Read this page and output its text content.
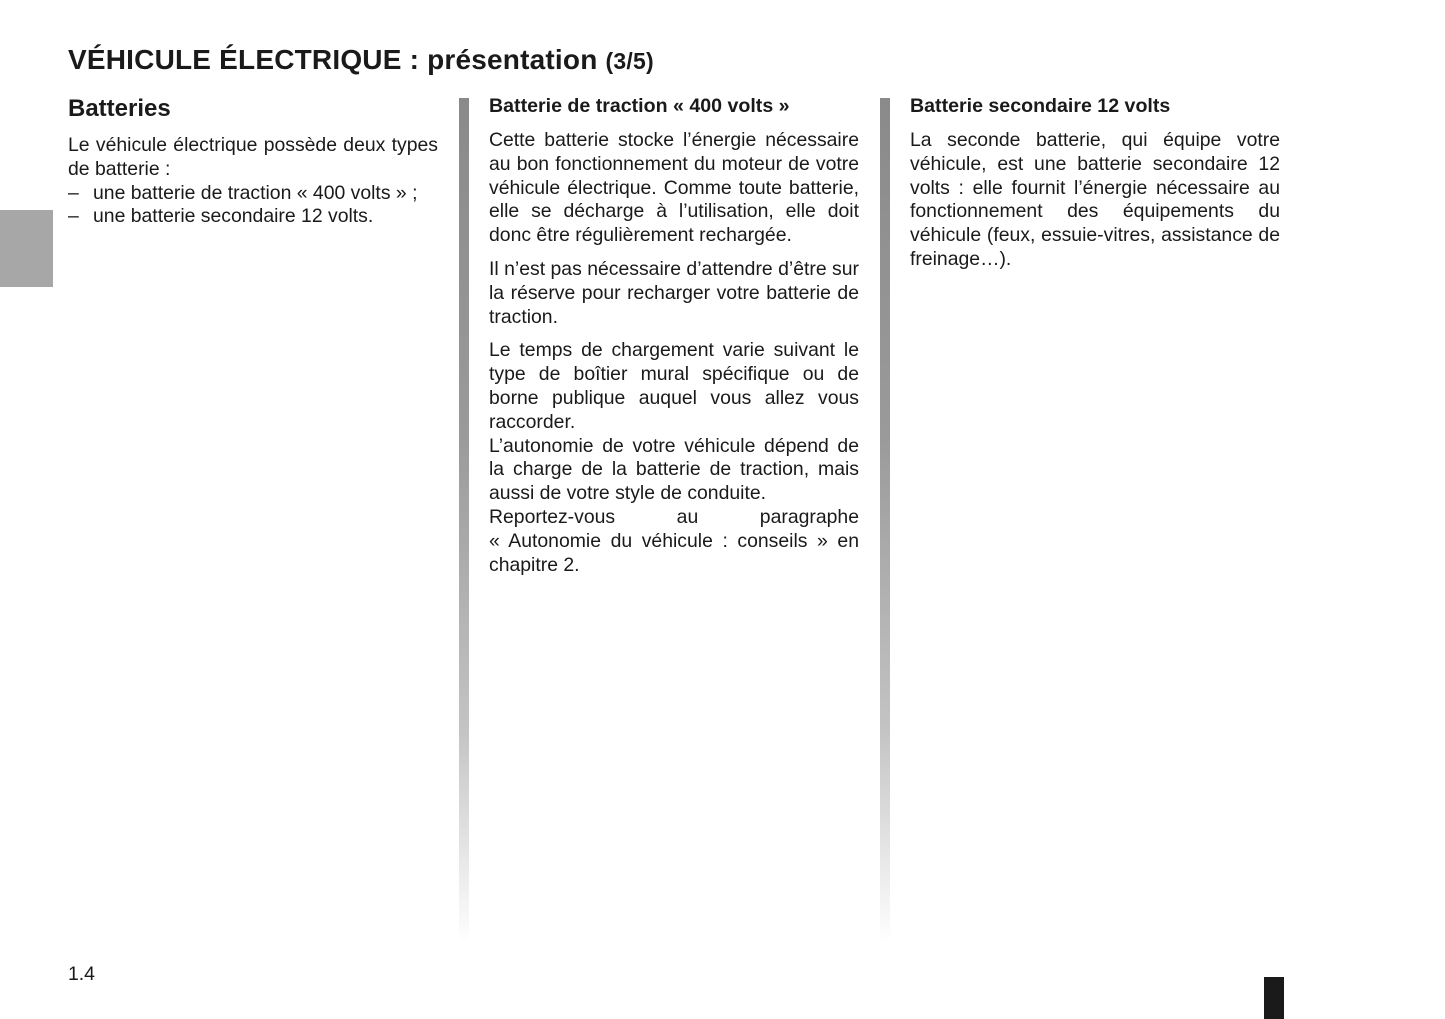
VÉHICULE ÉLECTRIQUE : présentation (3/5)
Batteries

Le véhicule électrique possède deux types de batterie :

– une batterie de traction « 400 volts » ;
– une batterie secondaire 12 volts.
Batterie de traction « 400 volts »

Cette batterie stocke l’énergie nécessaire au bon fonctionnement du moteur de votre véhicule électrique. Comme toute batterie, elle se décharge à l’utilisation, elle doit donc être régulièrement rechargée.

Il n’est pas nécessaire d’attendre d’être sur la réserve pour recharger votre batterie de traction.

Le temps de chargement varie suivant le type de boîtier mural spécifique ou de borne publique auquel vous allez vous raccorder.

L’autonomie de votre véhicule dépend de la charge de la batterie de traction, mais aussi de votre style de conduite.

Reportez-vous au paragraphe

« Autonomie du véhicule : conseils » en chapitre 2.

Batterie secondaire 12 volts

La seconde batterie, qui équipe votre véhicule, est une batterie secondaire 12 volts : elle fournit l’énergie nécessaire au fonctionnement des équipements du véhicule (feux, essuie-vitres, assistance de freinage…).

1.4
